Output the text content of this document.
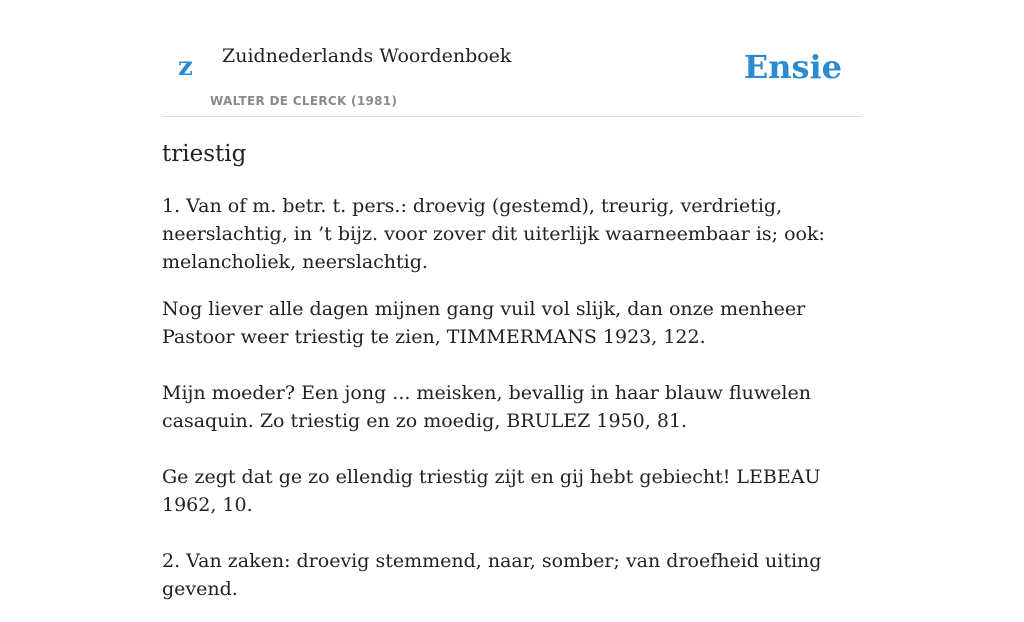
z Zuidnederlands Woordenboek
WALTER DE CLERCK (1981)
Ensie
triestig

1. Van of m. betr. t. pers.: droevig (gestemd), treurig, verdrietig, neerslachtig, in ’t bijz. voor zover dit uiterlijk waarneembaar is; ook: melancholiek, neerslachtig.

Nog liever alle dagen mijnen gang vuil vol slijk, dan onze menheer Pastoor weer triestig te zien, TIMMERMANS 1923, 122.

Mijn moeder? Een jong ... meisken, bevallig in haar blauw fluwelen casaquin. Zo triestig en zo moedig, BRULEZ 1950, 81.

Ge zegt dat ge zo ellendig triestig zijt en gij hebt gebiecht! LEBEAU 1962, 10.

2. Van zaken: droevig stemmend, naar, somber; van droefheid uiting gevend.
